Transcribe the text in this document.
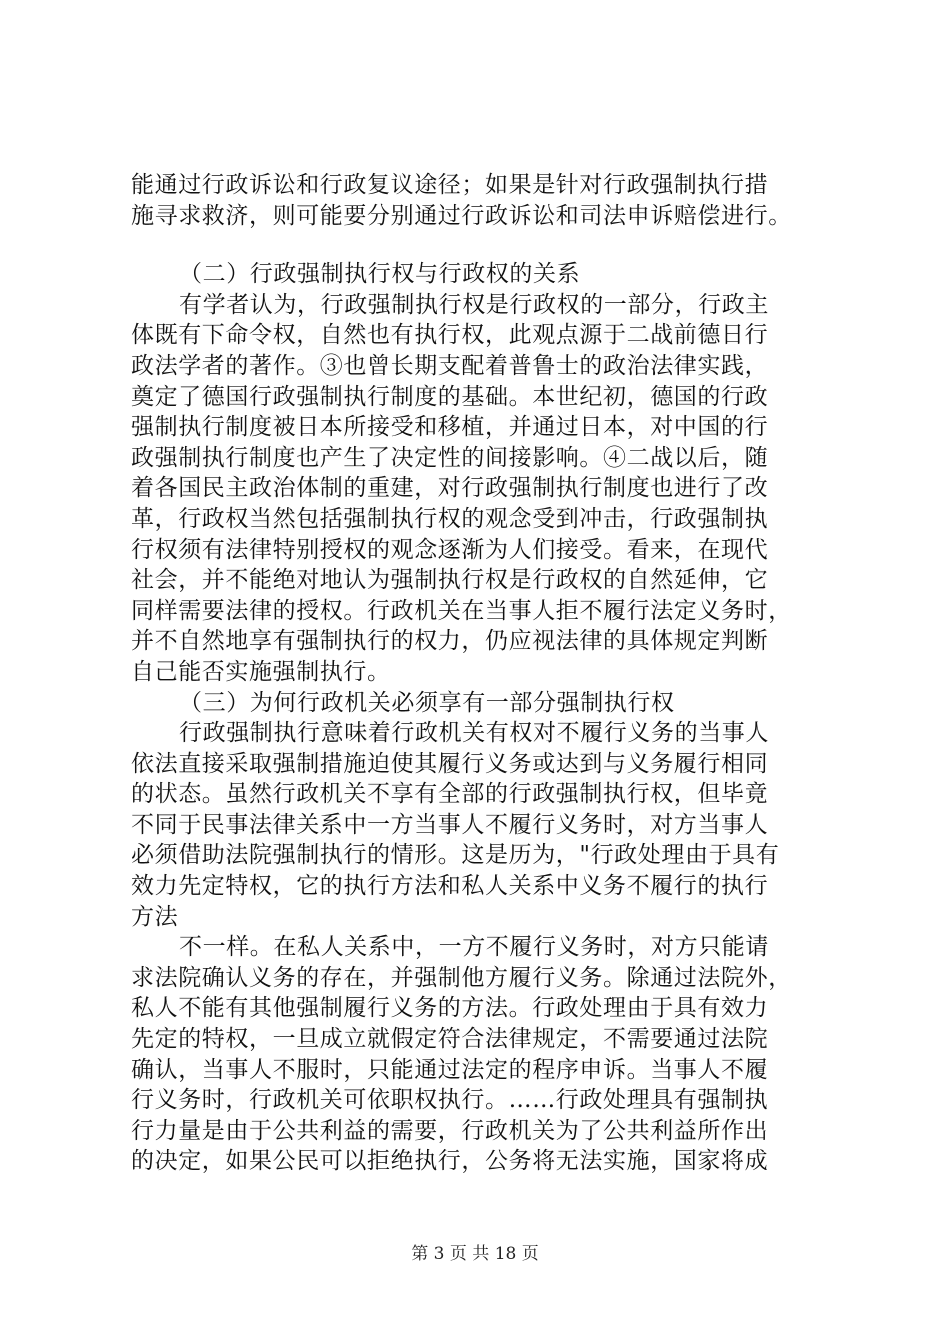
能通过行政诉讼和行政复议途径；如果是针对行政强制执行措
施寻求救济，则可能要分别通过行政诉讼和司法申诉赔偿进行。
（二）行政强制执行权与行政权的关系
有学者认为，行政强制执行权是行政权的一部分，行政主
体既有下命令权，自然也有执行权，此观点源于二战前德日行
政法学者的著作。③也曾长期支配着普鲁士的政治法律实践，
奠定了德国行政强制执行制度的基础。本世纪初，德国的行政
强制执行制度被日本所接受和移植，并通过日本，对中国的行
政强制执行制度也产生了决定性的间接影响。④二战以后，随
着各国民主政治体制的重建，对行政强制执行制度也进行了改
革，行政权当然包括强制执行权的观念受到冲击，行政强制执
行权须有法律特别授权的观念逐渐为人们接受。看来，在现代
社会，并不能绝对地认为强制执行权是行政权的自然延伸，它
同样需要法律的授权。行政机关在当事人拒不履行法定义务时，
并不自然地享有强制执行的权力，仍应视法律的具体规定判断
自己能否实施强制执行。
（三）为何行政机关必须享有一部分强制执行权
行政强制执行意味着行政机关有权对不履行义务的当事人
依法直接采取强制措施迫使其履行义务或达到与义务履行相同
的状态。虽然行政机关不享有全部的行政强制执行权，但毕竟
不同于民事法律关系中一方当事人不履行义务时，对方当事人
必须借助法院强制执行的情形。这是历为，"行政处理由于具有
效力先定特权，它的执行方法和私人关系中义务不履行的执行
方法
不一样。在私人关系中，一方不履行义务时，对方只能请
求法院确认义务的存在，并强制他方履行义务。除通过法院外，
私人不能有其他强制履行义务的方法。行政处理由于具有效力
先定的特权，一旦成立就假定符合法律规定，不需要通过法院
确认，当事人不服时，只能通过法定的程序申诉。当事人不履
行义务时，行政机关可依职权执行。……行政处理具有强制执
行力量是由于公共利益的需要，行政机关为了公共利益所作出
的决定，如果公民可以拒绝执行，公务将无法实施，国家将成
第 3 页 共 18 页
